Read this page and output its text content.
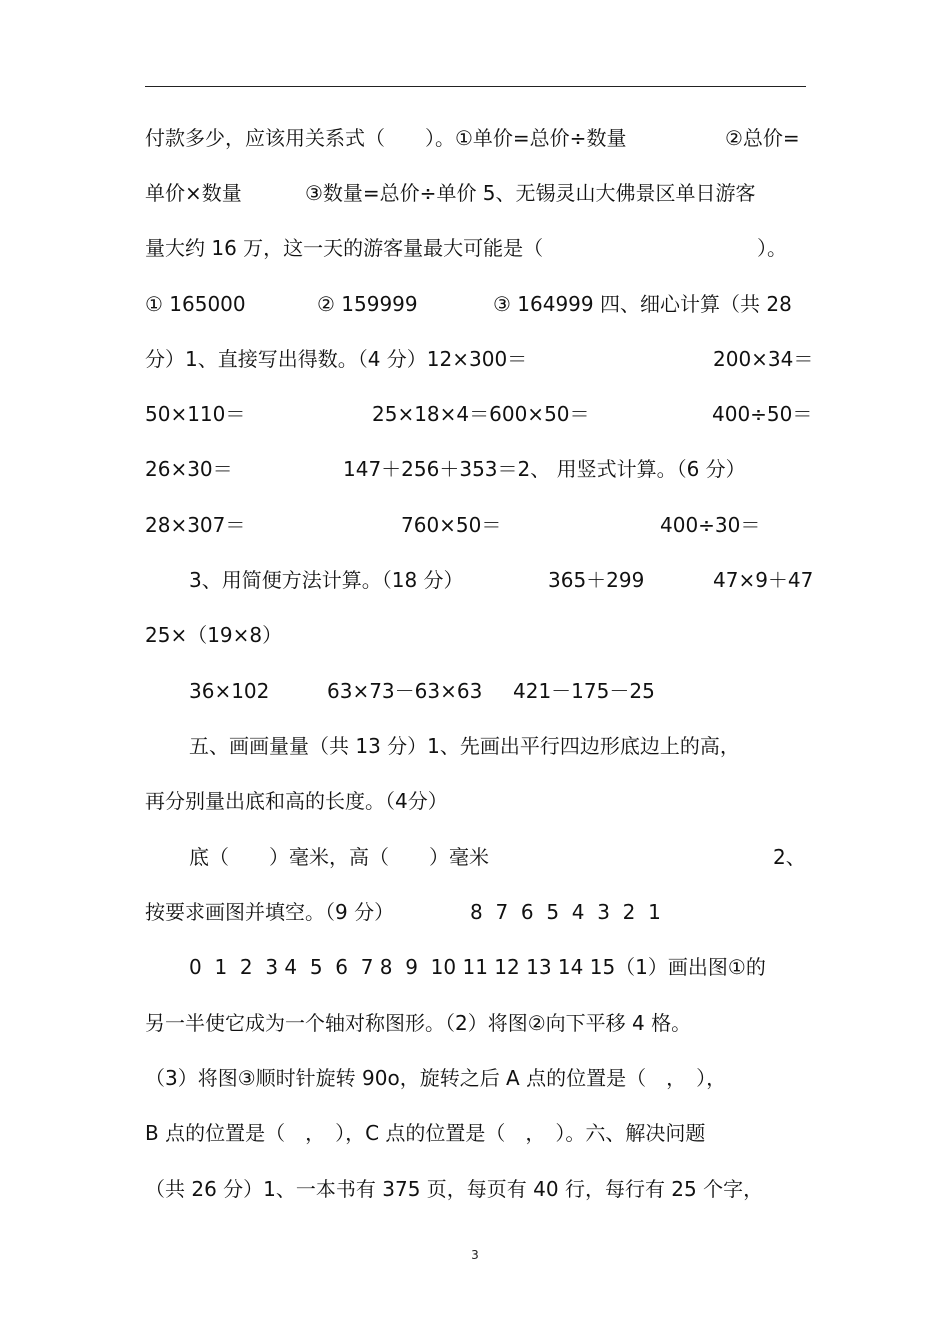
付款多少，应该用关系式（　　）。①单价=总价÷数量

	②总价=

单价×数量

	③数量=总价÷单价 5、无锡灵山大佛景区单日游客

量大约 16 万，这一天的游客量最大可能是（

	）。

① 165000

	② 159999

	③ 164999 四、细心计算（共 28

分）1、直接写出得数。（4 分）12×300＝

	200×34＝

50×110＝

	25×18×4＝600×50＝

	400÷50＝

26×30＝

	147＋256＋353＝2、 用竖式计算。（6 分）

28×307＝

	760×50＝

	400÷30＝

3、用简便方法计算。（18 分）

	365＋299

	47×9＋47

25×（19×8）

36×102

	63×73－63×63

421－175－25

五、画画量量（共 13 分）1、先画出平行四边形底边上的高，

再分别量出底和高的长度。（4分）

底（　　）毫米，高（　　）毫米

	2、

按要求画图并填空。（9 分）

	8  7  6  5  4  3  2  1

0  1  2  3 4  5  6  7 8  9  10 11 12 13 14 15（1）画出图①的

另一半使它成为一个轴对称图形。（2）将图②向下平移 4 格。

（3）将图③顺时针旋转 90o，旋转之后 A 点的位置是（　，　），

B 点的位置是（　，　），C 点的位置是（　，　）。六、解决问题

（共 26 分）1、一本书有 375 页，每页有 40 行，每行有 25 个字，

3
